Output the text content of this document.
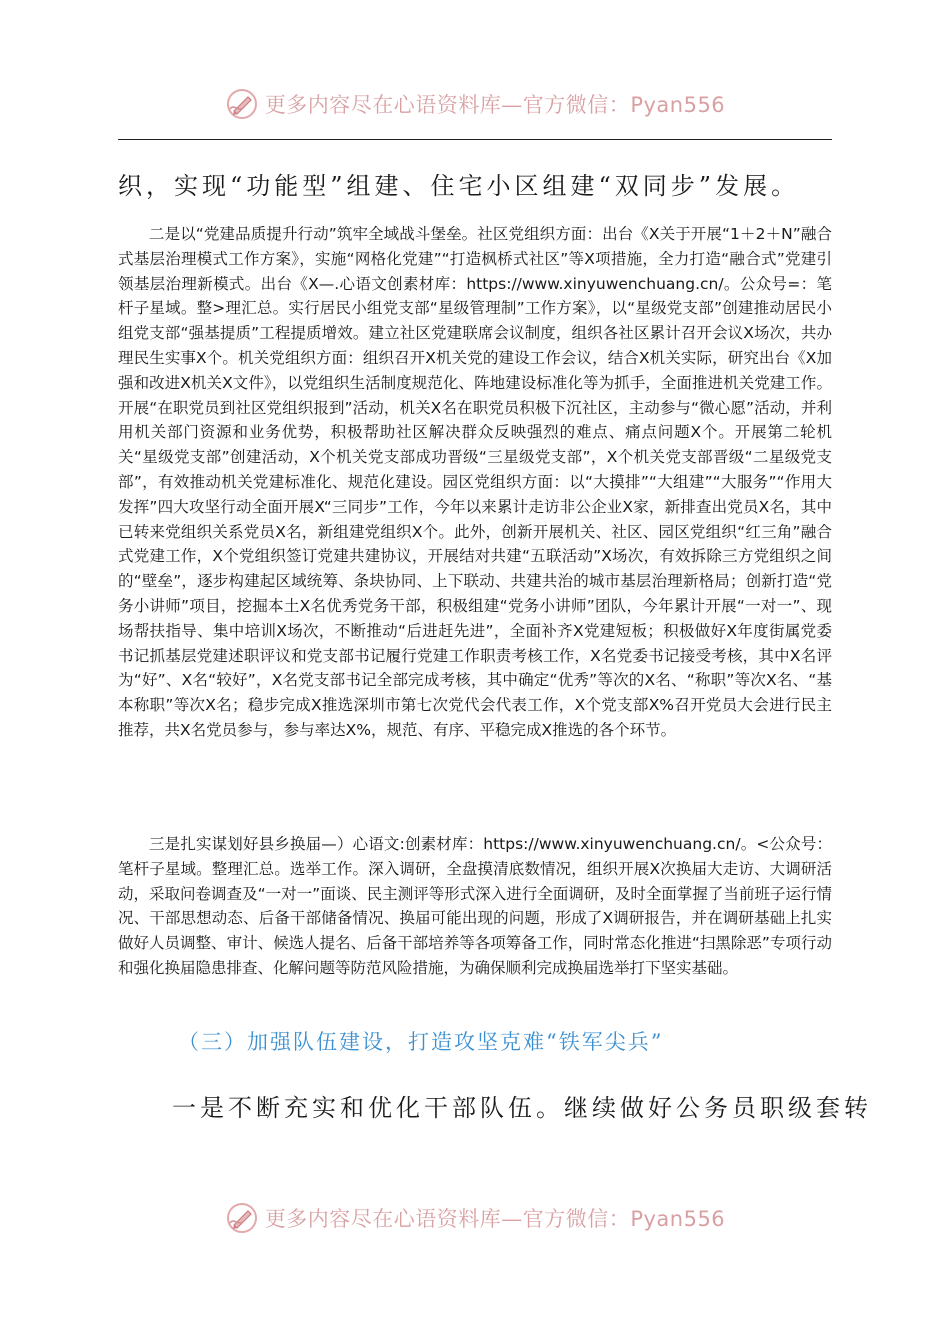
更多内容尽在心语资料库—官方微信：Pyan556
织，实现“功能型”组建、住宅小区组建“双同步”发展。
二是以“党建品质提升行动”筑牢全域战斗堡垒。社区党组织方面：出台《X关于开展“1＋2＋N”融合式基层治理模式工作方案》，实施“网格化党建”“打造枫桥式社区”等X项措施，全力打造“融合式”党建引领基层治理新模式。出台《X—.心语文创素材库：https://www.xinyuwenchuang.cn/。公众号=：笔杆子星域。整>理汇总。实行居民小组党支部“星级管理制”工作方案》，以“星级党支部”创建推动居民小组党支部“强基提质”工程提质增效。建立社区党建联席会议制度，组织各社区累计召开会议X场次，共办理民生实事X个。机关党组织方面：组织召开X机关党的建设工作会议，结合X机关实际，研究出台《X加强和改进X机关X文件》，以党组织生活制度规范化、阵地建设标准化等为抓手，全面推进机关党建工作。开展“在职党员到社区党组织报到”活动，机关X名在职党员积极下沉社区，主动参与“微心愿”活动，并利用机关部门资源和业务优势，积极帮助社区解决群众反映强烈的难点、痛点问题X个。开展第二轮机关“星级党支部”创建活动，X个机关党支部成功晋级“三星级党支部”，X个机关党支部晋级“二星级党支部”，有效推动机关党建标准化、规范化建设。园区党组织方面：以“大摸排”“大组建”“大服务”“作用大发挥”四大攻坚行动全面开展X“三同步”工作，今年以来累计走访非公企业X家，新排查出党员X名，其中已转来党组织关系党员X名，新组建党组织X个。此外，创新开展机关、社区、园区党组织“红三角”融合式党建工作，X个党组织签订党建共建协议，开展结对共建“五联活动”X场次，有效拆除三方党组织之间的“壁垒”，逐步构建起区域统筹、条块协同、上下联动、共建共治的城市基层治理新格局；创新打造“党务小讲师”项目，挖掘本土X名优秀党务干部，积极组建“党务小讲师”团队，今年累计开展“一对一”、现场帮扶指导、集中培训X场次，不断推动“后进赶先进”，全面补齐X党建短板；积极做好X年度街属党委书记抓基层党建述职评议和党支部书记履行党建工作职责考核工作，X名党委书记接受考核，其中X名评为“好”、X名“较好”，X名党支部书记全部完成考核，其中确定“优秀”等次的X名、“称职”等次X名、“基本称职”等次X名；稳步完成X推选深圳市第七次党代会代表工作，X个党支部X%召开党员大会进行民主推荐，共X名党员参与，参与率达X%，规范、有序、平稳完成X推选的各个环节。
三是扎实谋划好县乡换届—）心语文:创素材库：https://www.xinyuwenchuang.cn/。<公众号：笔杆子星域。整理汇总。选举工作。深入调研，全盘摸清底数情况，组织开展X次换届大走访、大调研活动，采取问卷调查及“一对一”面谈、民主测评等形式深入进行全面调研，及时全面掌握了当前班子运行情况、干部思想动态、后备干部储备情况、换届可能出现的问题，形成了X调研报告，并在调研基础上扎实做好人员调整、审计、候选人提名、后备干部培养等各项筹备工作，同时常态化推进“扫黑除恶”专项行动和强化换届隐患排查、化解问题等防范风险措施，为确保顺利完成换届选举打下坚实基础。
（三）加强队伍建设，打造攻坚克难“铁军尖兵”
一是不断充实和优化干部队伍。继续做好公务员职级套转
更多内容尽在心语资料库—官方微信：Pyan556
